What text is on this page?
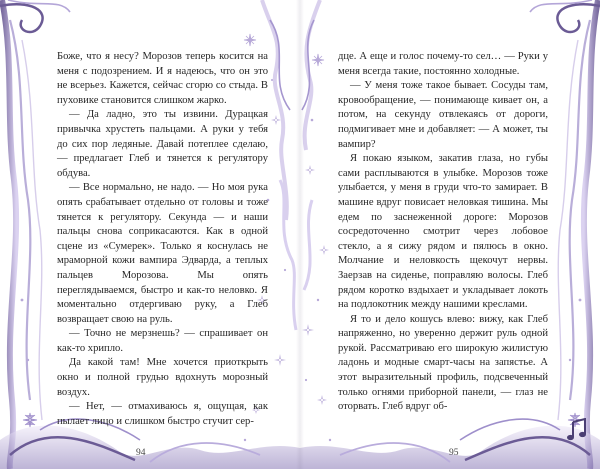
Боже, что я несу? Морозов теперь косится на меня с подозрением. И я надеюсь, что он это не всерьез. Кажется, сейчас сгорю со стыда. В пуховике становится слишком жарко.

— Да ладно, это ты извини. Дурацкая привычка хрустеть пальцами. А руки у тебя до сих пор ледяные. Давай потеплее сделаю, — предлагает Глеб и тянется к регулятору обдува.

— Все нормально, не надо. — Но моя рука опять срабатывает отдельно от головы и тоже тянется к регулятору. Секунда — и наши пальцы снова соприкасаются. Как в одной сцене из «Сумерек». Только я коснулась не мраморной кожи вампира Эдварда, а теплых пальцев Морозова. Мы опять переглядываемся, быстро и как-то неловко. Я моментально отдергиваю руку, а Глеб возвращает свою на руль.

— Точно не мерзнешь? — спрашивает он как-то хрипло.

Да какой там! Мне хочется приоткрыть окно и полной грудью вдохнуть морозный воздух.

— Нет, — отмахиваюсь я, ощущая, как пылает лицо и слишком быстро стучит сер-

94

дце. А еще и голос почему-то сел… — Руки у меня всегда такие, постоянно холодные.

— У меня тоже такое бывает. Сосуды там, кровообращение, — понимающе кивает он, а потом, на секунду отвлекаясь от дороги, подмигивает мне и добавляет: — А может, ты вампир?

Я покаю языком, закатив глаза, но губы сами расплываются в улыбке. Морозов тоже улыбается, у меня в груди что-то замирает. В машине вдруг повисает неловкая тишина. Мы едем по заснеженной дороге: Морозов сосредоточенно смотрит через лобовое стекло, а я сижу рядом и пялюсь в окно. Молчание и неловкость щекочут нервы. Заерзав на сиденье, поправляю волосы. Глеб рядом коротко вздыхает и укладывает локоть на подлокотник между нашими креслами.

Я то и дело кошусь влево: вижу, как Глеб напряженно, но уверенно держит руль одной рукой. Рассматриваю его широкую жилистую ладонь и модные смарт-часы на запястье. А этот выразительный профиль, подсвеченный только огнями приборной панели, — глаз не оторвать. Глеб вдруг об-

95
